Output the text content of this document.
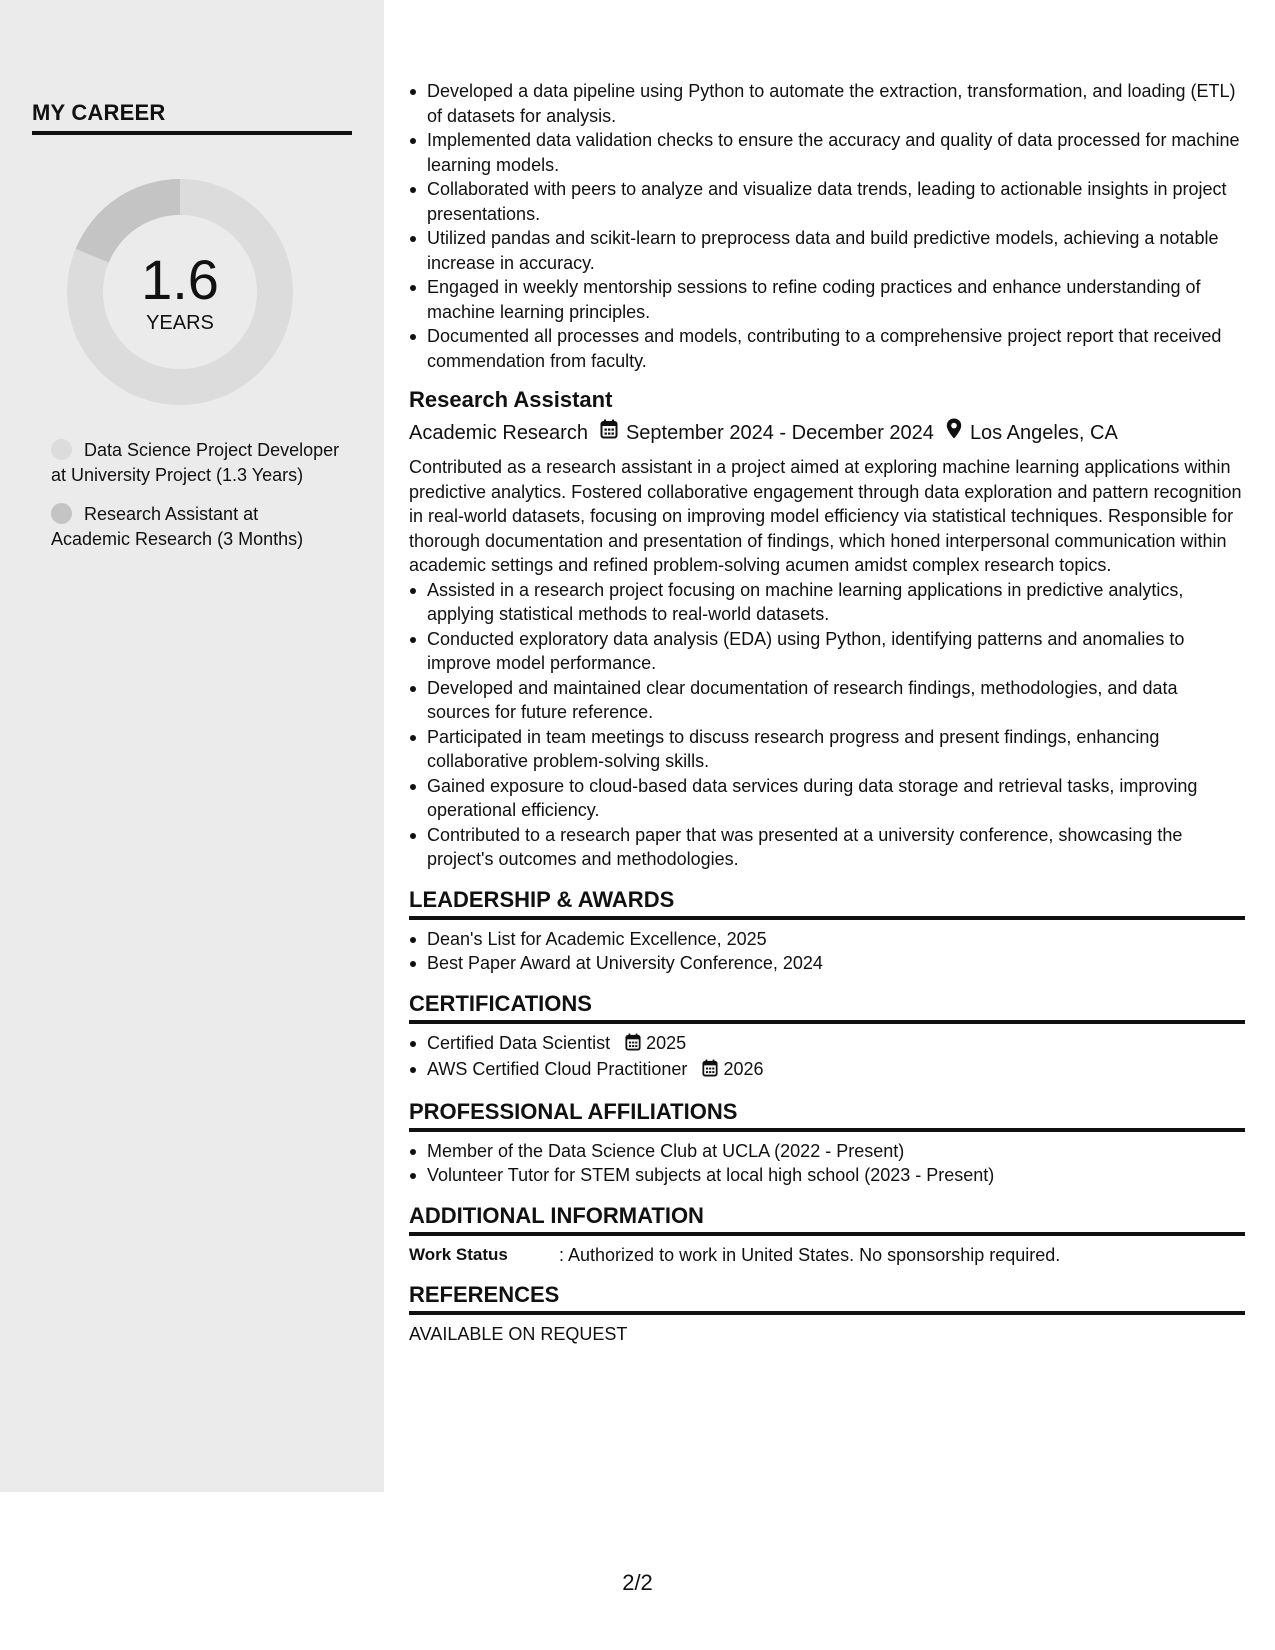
MY CAREER
1.6
YEARS
Data Science Project Developer at University Project (1.3 Years)
Research Assistant at Academic Research (3 Months)
Developed a data pipeline using Python to automate the extraction, transformation, and loading (ETL) of datasets for analysis.
Implemented data validation checks to ensure the accuracy and quality of data processed for machine learning models.
Collaborated with peers to analyze and visualize data trends, leading to actionable insights in project presentations.
Utilized pandas and scikit-learn to preprocess data and build predictive models, achieving a notable increase in accuracy.
Engaged in weekly mentorship sessions to refine coding practices and enhance understanding of machine learning principles.
Documented all processes and models, contributing to a comprehensive project report that received commendation from faculty.
Research Assistant
Academic Research September 2024 - December 2024 Los Angeles, CA
Contributed as a research assistant in a project aimed at exploring machine learning applications within predictive analytics. Fostered collaborative engagement through data exploration and pattern recognition in real-world datasets, focusing on improving model efficiency via statistical techniques. Responsible for thorough documentation and presentation of findings, which honed interpersonal communication within academic settings and refined problem-solving acumen amidst complex research topics.
Assisted in a research project focusing on machine learning applications in predictive analytics, applying statistical methods to real-world datasets.
Conducted exploratory data analysis (EDA) using Python, identifying patterns and anomalies to improve model performance.
Developed and maintained clear documentation of research findings, methodologies, and data sources for future reference.
Participated in team meetings to discuss research progress and present findings, enhancing collaborative problem-solving skills.
Gained exposure to cloud-based data services during data storage and retrieval tasks, improving operational efficiency.
Contributed to a research paper that was presented at a university conference, showcasing the project's outcomes and methodologies.
LEADERSHIP & AWARDS
Dean's List for Academic Excellence, 2025
Best Paper Award at University Conference, 2024
CERTIFICATIONS
Certified Data Scientist 2025
AWS Certified Cloud Practitioner 2026
PROFESSIONAL AFFILIATIONS
Member of the Data Science Club at UCLA (2022 - Present)
Volunteer Tutor for STEM subjects at local high school (2023 - Present)
ADDITIONAL INFORMATION
Work Status	: Authorized to work in United States. No sponsorship required.
REFERENCES
AVAILABLE ON REQUEST
2/2
